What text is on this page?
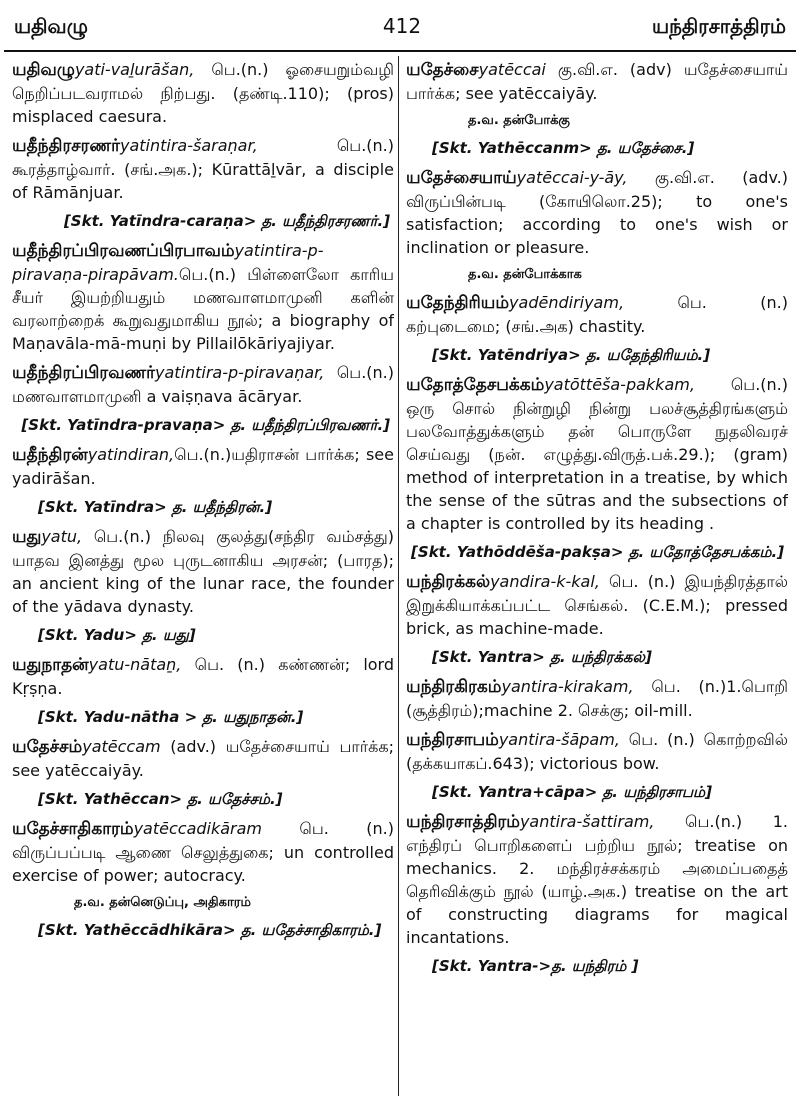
யதிவழு	412	யந்திரசாத்திரம்
யதிவழுyati-vaḻurāšan, பெ.(n.) ஓசையறும்வழி நெறிப்படவராமல் நிற்பது. (தண்டி.110); (pros) misplaced caesura.
யதீந்திரசரணர்yatintira-šaraṇar, பெ.(n.) கூரத்தாழ்வார். (சங்.அக.); Kūrattāḻvār, a disciple of Rāmānjuar.
[Skt. Yatīndra-caraṇa> த. யதீந்திரசரணர்.]
யதீந்திரப்பிரவணப்பிரபாவம்yatintira-p-piravaṇa-pirapāvam.பெ.(n.) பிள்ளைலோ காரிய சீயர் இயற்றியதும் மணவாளமாமுனி களின் வரலாற்றைக் கூறுவதுமாகிய நூல்; a biography of Maṇavāla-mā-muṇi by Pillailōkāriyajiyar.
யதீந்திரப்பிரவணர்yatintira-p-piravaṇar, பெ.(n.) மணவாளமாமுனி a vaiṣṇava ācāryar.
[Skt. Yatīndra-pravaṇa> த. யதீந்திரப்பிரவணர்.]
யதீந்திரன்yatindiran,பெ.(n.)யதிராசன் பார்க்க; see yadirāšan.
[Skt. Yatīndra> த. யதீந்திரன்.]
யதுyatu, பெ.(n.) நிலவு குலத்து(சந்திர வம்சத்து) யாதவ இனத்து மூல புருடனாகிய அரசன்; (பாரத); an ancient king of the lunar race, the founder of the yādava dynasty.
[Skt. Yadu> த. யது]
யதுநாதன்yatu-nātaṉ, பெ. (n.) கண்ணன்; lord Kṛṣṇa.
[Skt. Yadu-nātha > த. யதுநாதன்.]
யதேச்சம்yatēccam (adv.) யதேச்சையாய் பார்க்க; see yatēccaiyāy.
[Skt. Yathēccan> த. யதேச்சம்.]
யதேச்சாதிகாரம்yatēccadikāram பெ. (n.) விருப்பப்படி ஆணை செலுத்துகை; un controlled exercise of power; autocracy.
த.வ. தன்னெடுப்பு, அதிகாரம்
[Skt. Yathēccādhikāra> த. யதேச்சாதிகாரம்.]
யதேச்சைyatēccai கு.வி.எ. (adv) யதேச்சையாய் பார்க்க; see yatēccaiyāy.
த.வ. தன்போக்கு
[Skt. Yathēccanm> த. யதேச்சை.]
யதேச்சையாய்yatēccai-y-āy, கு.வி.எ. (adv.) விருப்பின்படி (கோயிலொ.25); to one's satisfaction; according to one's wish or inclination or pleasure.
த.வ. தன்போக்காக
யதேந்திரியம்yadēndiriyam, பெ. (n.) கற்புடைமை; (சங்.அக) chastity.
[Skt. Yatēndriya> த. யதேந்திரியம்.]
யதோத்தேசபக்கம்yatōttēša-pakkam, பெ.(n.) ஒரு சொல் நின்றுழி நின்று பலச்சூத்திரங்களும் பலவோத்துக்களும் தன் பொருளே நுதலிவரச் செய்வது (நன். எழுத்து.விருத்.பக்.29.); (gram) method of interpretation in a treatise, by which the sense of the sūtras and the subsections of a chapter is controlled by its heading .
[Skt. Yathōddēša-pakṣa> த. யதோத்தேசபக்கம்.]
யந்திரக்கல்yandira-k-kal, பெ. (n.) இயந்திரத்தால் இறுக்கியாக்கப்பட்ட செங்கல். (C.E.M.); pressed brick, as machine-made.
[Skt. Yantra> த. யந்திரக்கல்]
யந்திரகிரகம்yantira-kirakam, பெ. (n.)1.பொறி (சூத்திரம்);machine 2. செக்கு; oil-mill.
யந்திரசாபம்yantira-šāpam, பெ. (n.) கொற்றவில் (தக்கயாகப்.643); victorious bow.
[Skt. Yantra+cāpa> த. யந்திரசாபம்]
யந்திரசாத்திரம்yantira-šattiram, பெ.(n.) 1. எந்திரப் பொறிகளைப் பற்றிய நூல்; treatise on mechanics. 2. மந்திரச்சக்கரம் அமைப்பதைத் தெரிவிக்கும் நூல் (யாழ்.அக.) treatise on the art of constructing diagrams for magical incantations.
[Skt. Yantra->த. யந்திரம் ]
